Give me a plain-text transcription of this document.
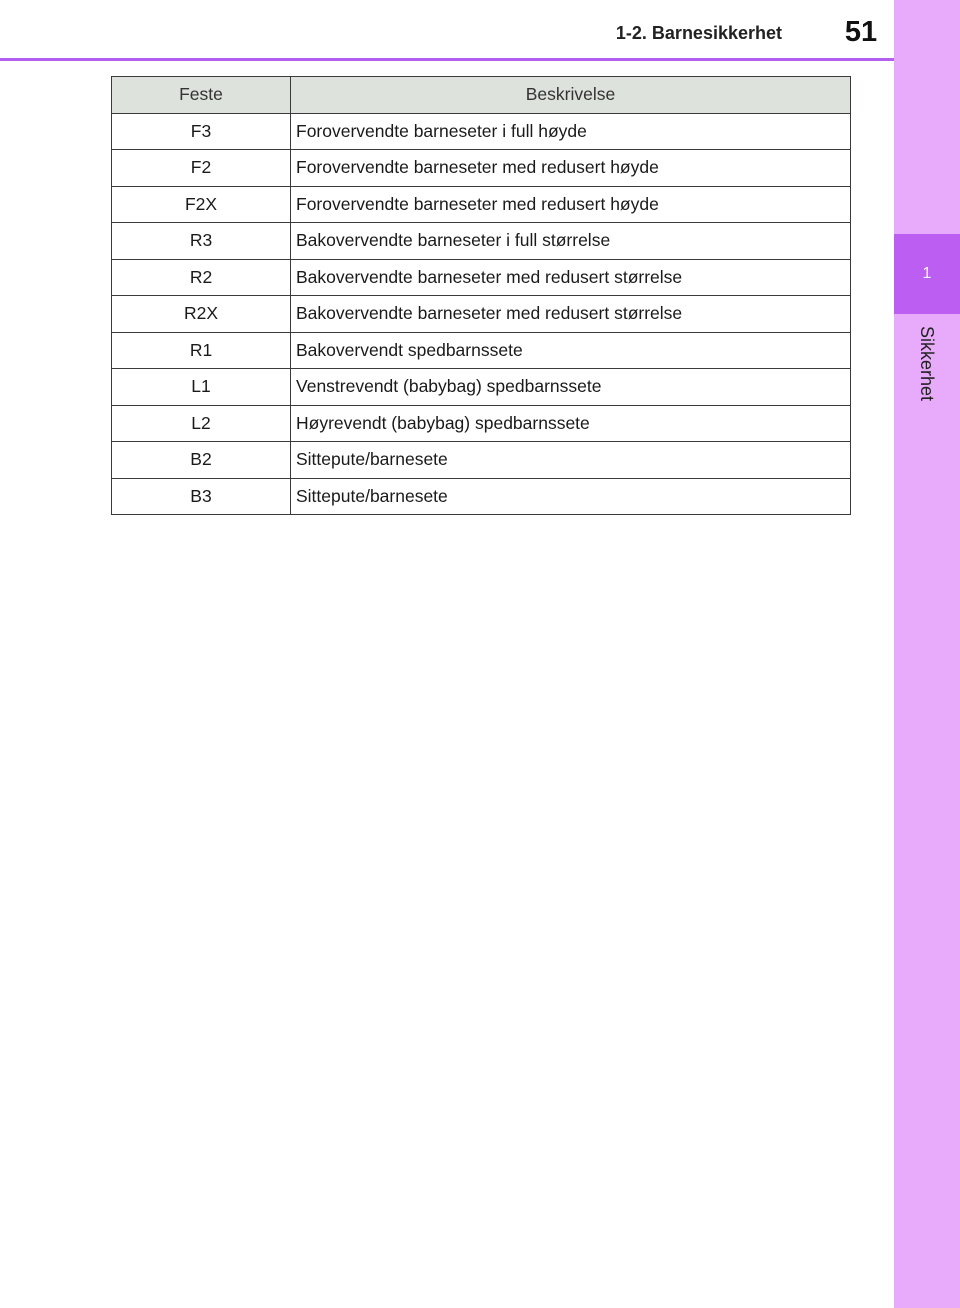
1
Sikkerhet
1-2. Barnesikkerhet 51
Feste	Beskrivelse
F3	Forovervendte barneseter i full høyde
F2	Forovervendte barneseter med redusert høyde
F2X	Forovervendte barneseter med redusert høyde
R3	Bakovervendte barneseter i full størrelse
R2	Bakovervendte barneseter med redusert størrelse
R2X	Bakovervendte barneseter med redusert størrelse
R1	Bakovervendt spedbarnssete
L1	Venstrevendt (babybag) spedbarnssete
L2	Høyrevendt (babybag) spedbarnssete
B2	Sittepute/barnesete
B3	Sittepute/barnesete
